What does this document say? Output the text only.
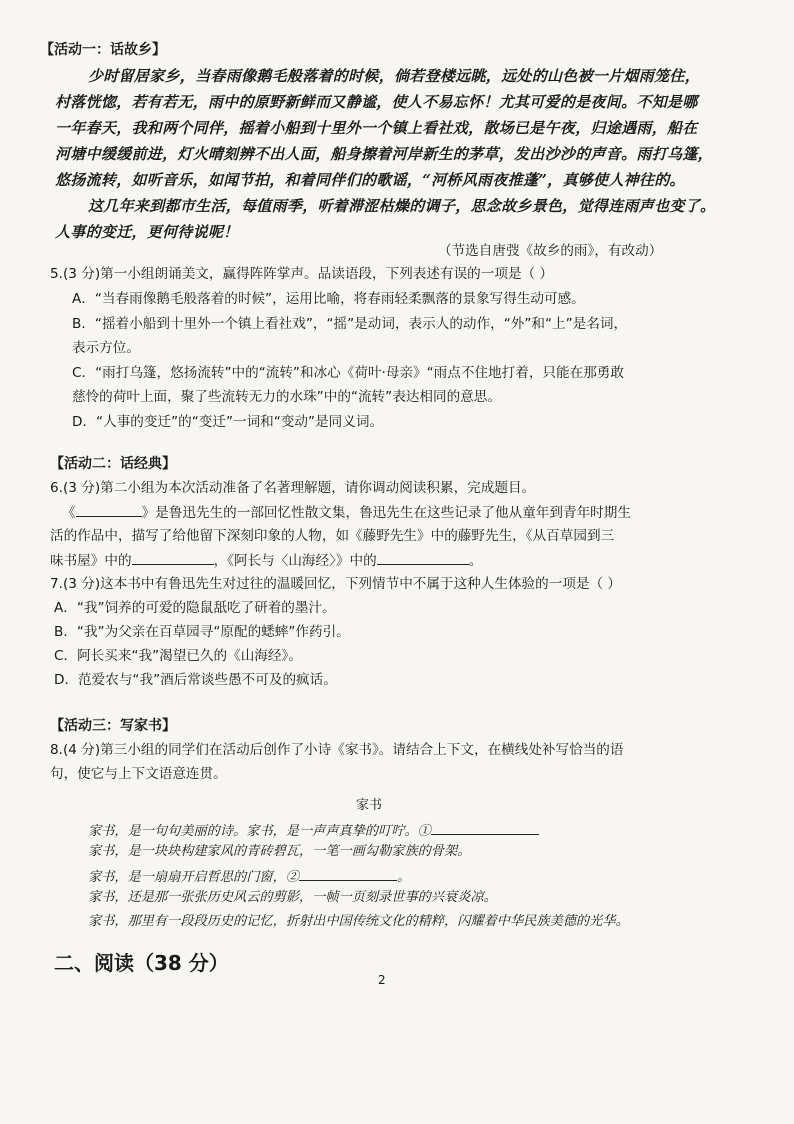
【活动一：话故乡】
少时留居家乡，当春雨像鹅毛般落着的时候，倘若登楼远眺，远处的山色被一片烟雨笼住，
村落恍惚，若有若无，雨中的原野新鲜而又静谧，使人不易忘怀！尤其可爱的是夜间。不知是哪
一年春天，我和两个同伴，摇着小船到十里外一个镇上看社戏，散场已是午夜，归途遇雨，船在
河塘中缓缓前进，灯火晴刻辨不出人面，船身擦着河岸新生的茅草，发出沙沙的声音。雨打乌篷，
悠扬流转，如听音乐，如闻节拍，和着同伴们的歌谣，“河桥风雨夜推蓬”，真够使人神往的。
这几年来到都市生活，每值雨季，听着滞涩枯燥的调子，思念故乡景色，觉得连雨声也变了。
人事的变迁，更何待说呢！
（节选自唐弢《故乡的雨》，有改动）
5.(3 分)第一小组朗诵美文，赢得阵阵掌声。品读语段，下列表述有误的一项是（ ）
A．“当春雨像鹅毛般落着的时候”，运用比喻，将春雨轻柔飘落的景象写得生动可感。
B．“摇着小船到十里外一个镇上看社戏”，“摇”是动词，表示人的动作，“外”和“上”是名词，
表示方位。
C．“雨打乌篷，悠扬流转”中的“流转”和冰心《荷叶·母亲》“雨点不住地打着，只能在那勇敢
慈怜的荷叶上面，聚了些流转无力的水珠”中的“流转”表达相同的意思。
D．“人事的变迁”的“变迁”一词和“变动”是同义词。
【活动二：话经典】
6.(3 分)第二小组为本次活动准备了名著理解题，请你调动阅读积累，完成题目。
《	》是鲁迅先生的一部回忆性散文集，鲁迅先生在这些记录了他从童年到青年时期生
活的作品中，描写了给他留下深刻印象的人物，如《藤野先生》中的藤野先生，《从百草园到三
味书屋》中的	，《阿长与〈山海经〉》中的	。
7.(3 分)这本书中有鲁迅先生对过往的温暖回忆，下列情节中不属于这种人生体验的一项是（ ）
A．“我”饲养的可爱的隐鼠舐吃了研着的墨汁。
B．“我”为父亲在百草园寻“原配的蟋蟀”作药引。
C．阿长买来“我”渴望已久的《山海经》。
D．范爱农与“我”酒后常谈些愚不可及的疯话。
【活动三：写家书】
8.(4 分)第三小组的同学们在活动后创作了小诗《家书》。请结合上下文，在横线处补写恰当的语
句，使它与上下文语意连贯。
家书
家书，是一句句美丽的诗。家书，是一声声真挚的叮咛。①
家书，是一块块构建家风的青砖碧瓦，一笔一画勾勒家族的骨架。
家书，是一扇扇开启哲思的门窗，②	。
家书，还是那一张张历史风云的剪影，一帧一页刻录世事的兴衰炎凉。
家书，那里有一段段历史的记忆，折射出中国传统文化的精粹，闪耀着中华民族美德的光华。
二、阅读（38 分）
2
